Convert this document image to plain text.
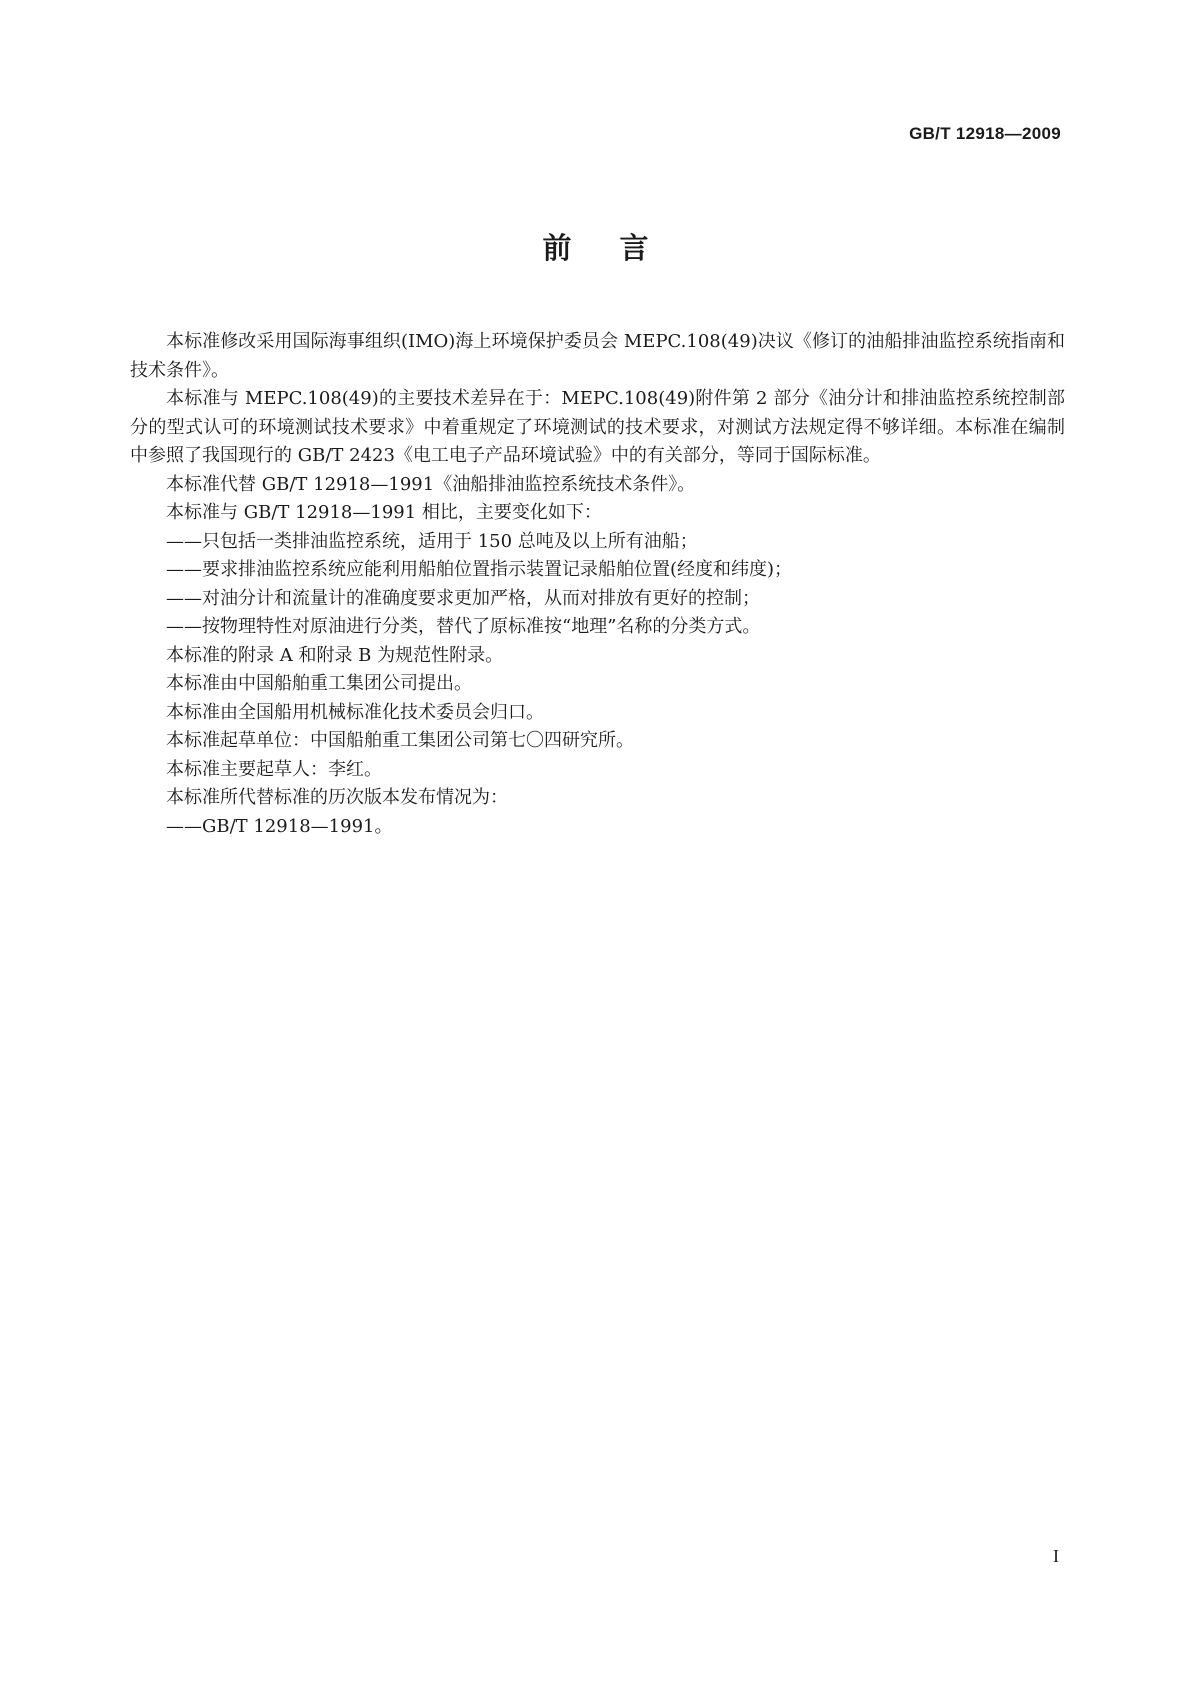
GB/T 12918—2009
前言

本标准修改采用国际海事组织(IMO)海上环境保护委员会 MEPC.108(49)决议《修订的油船排油监控系统指南和技术条件》。

本标准与 MEPC.108(49)的主要技术差异在于：MEPC.108(49)附件第 2 部分《油分计和排油监控系统控制部分的型式认可的环境测试技术要求》中着重规定了环境测试的技术要求，对测试方法规定得不够详细。本标准在编制中参照了我国现行的 GB/T 2423《电工电子产品环境试验》中的有关部分，等同于国际标准。

本标准代替 GB/T 12918—1991《油船排油监控系统技术条件》。

本标准与 GB/T 12918—1991 相比，主要变化如下：

——只包括一类排油监控系统，适用于 150 总吨及以上所有油船；

——要求排油监控系统应能利用船舶位置指示装置记录船舶位置(经度和纬度)；

——对油分计和流量计的准确度要求更加严格，从而对排放有更好的控制；

——按物理特性对原油进行分类，替代了原标准按“地理”名称的分类方式。

本标准的附录 A 和附录 B 为规范性附录。

本标准由中国船舶重工集团公司提出。

本标准由全国船用机械标准化技术委员会归口。

本标准起草单位：中国船舶重工集团公司第七〇四研究所。

本标准主要起草人：李红。

本标准所代替标准的历次版本发布情况为：

——GB/T 12918—1991。

I
